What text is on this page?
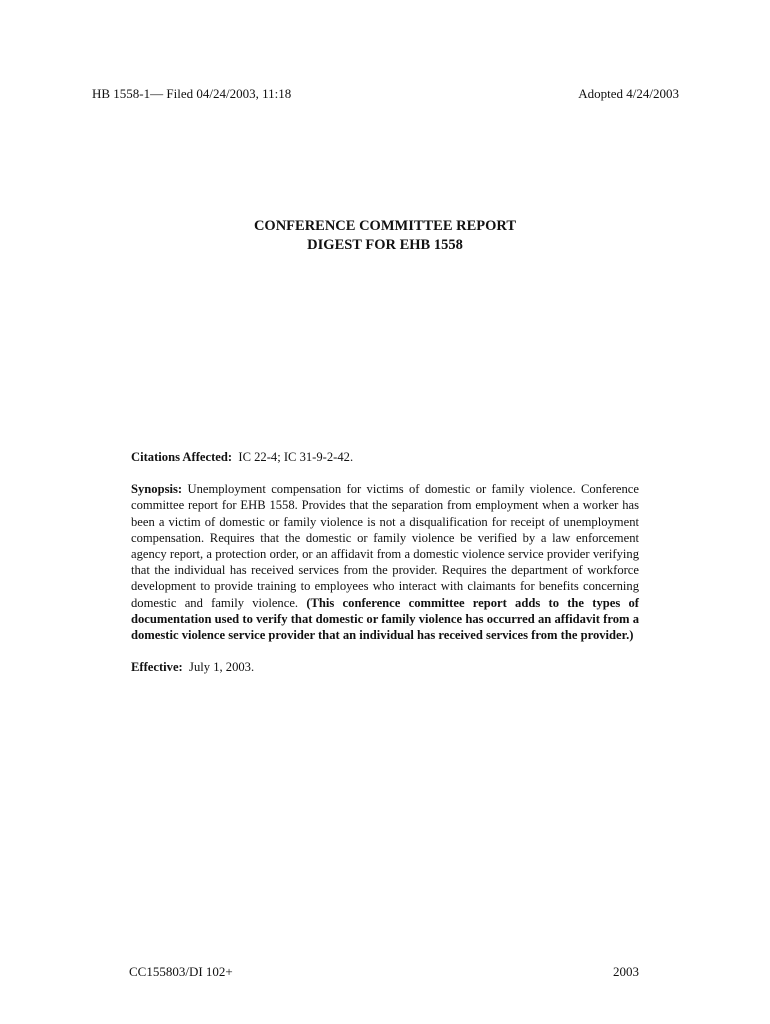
HB 1558-1— Filed 04/24/2003, 11:18	Adopted 4/24/2003
CONFERENCE COMMITTEE REPORT
DIGEST FOR EHB 1558

Citations Affected: IC 22-4; IC 31-9-2-42.

Synopsis: Unemployment compensation for victims of domestic or family violence. Conference committee report for EHB 1558. Provides that the separation from employment when a worker has been a victim of domestic or family violence is not a disqualification for receipt of unemployment compensation. Requires that the domestic or family violence be verified by a law enforcement agency report, a protection order, or an affidavit from a domestic violence service provider verifying that the individual has received services from the provider. Requires the department of workforce development to provide training to employees who interact with claimants for benefits concerning domestic and family violence. (This conference committee report adds to the types of documentation used to verify that domestic or family violence has occurred an affidavit from a domestic violence service provider that an individual has received services from the provider.)

Effective: July 1, 2003.

CC155803/DI 102+	2003
